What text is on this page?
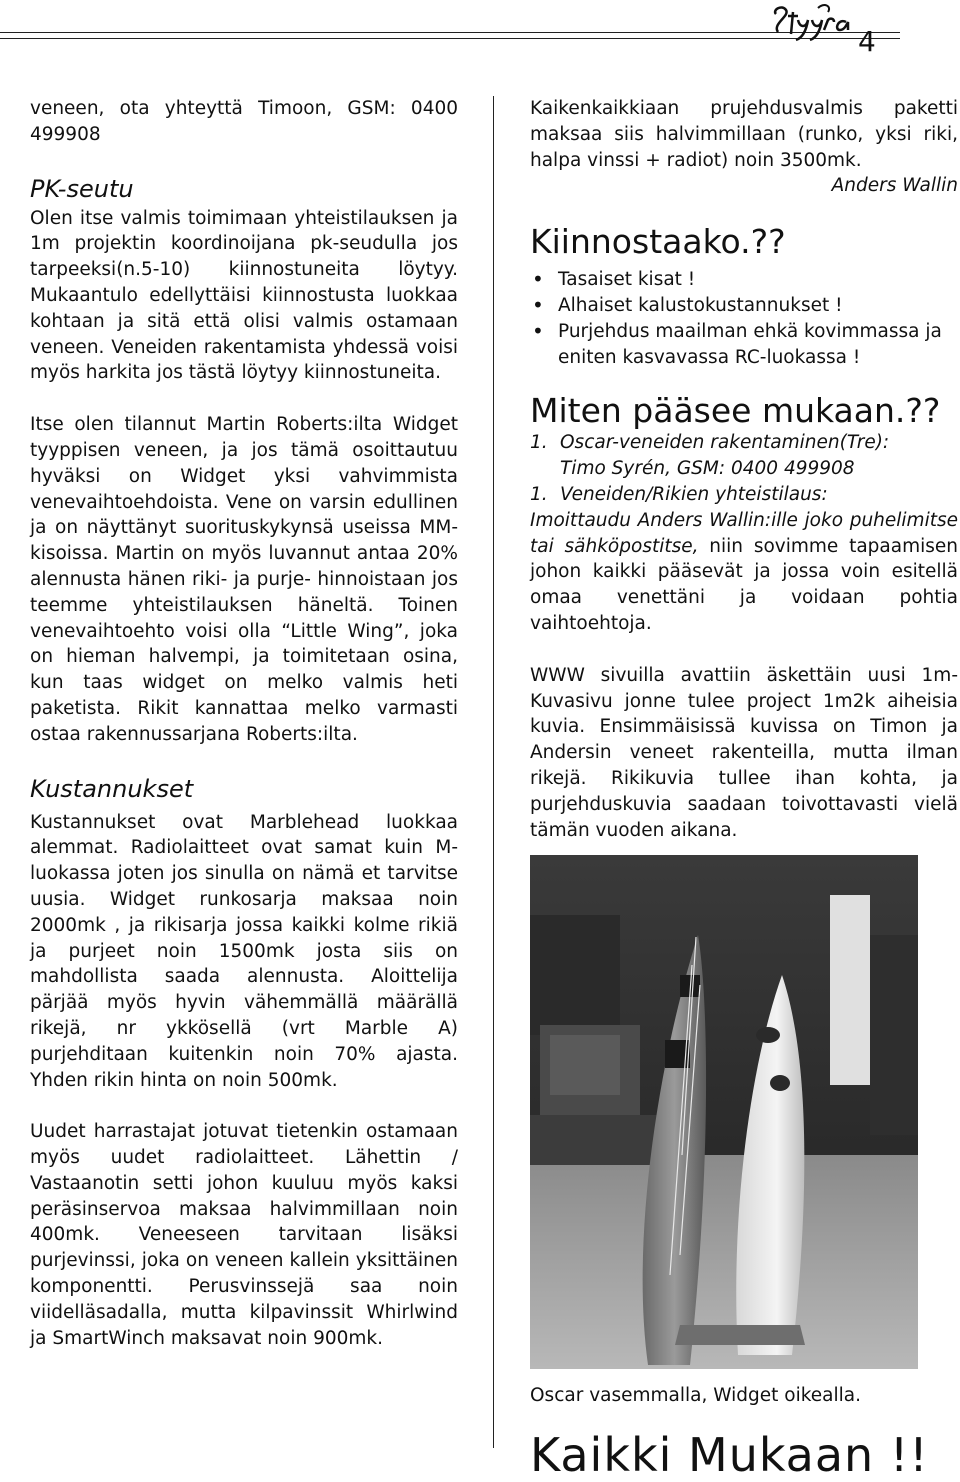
4

veneen, ota yhteyttä Timoon, GSM: 0400 499908

PK-seutu

Olen itse valmis toimimaan yhteistilauksen ja 1m projektin koordinoijana pk-seudulla jos tarpeeksi(n.5-10) kiinnostuneita löytyy. Mukaantulo edellyttäisi kiinnostusta luokkaa kohtaan ja sitä että olisi valmis ostamaan veneen. Veneiden rakentamista yhdessä voisi myös harkita jos tästä löytyy kiinnostuneita.

Itse olen tilannut Martin Roberts:ilta Widget tyyppisen veneen, ja jos tämä osoittautuu hyväksi on Widget yksi vahvimmista venevaihtoehdoista. Vene on varsin edullinen ja on näyttänyt suorituskykynsä useissa MM-kisoissa. Martin on myös luvannut antaa 20% alennusta hänen riki- ja purje- hinnoistaan jos teemme yhteistilauksen häneltä. Toinen venevaihtoehto voisi olla “Little Wing”, joka on hieman halvempi, ja toimitetaan osina, kun taas widget on melko valmis heti paketista. Rikit kannattaa melko varmasti ostaa rakennussarjana Roberts:ilta.

Kustannukset

Kustannukset ovat Marblehead luokkaa alemmat. Radiolaitteet ovat samat kuin M-luokassa joten jos sinulla on nämä et tarvitse uusia. Widget runkosarja maksaa noin 2000mk , ja rikisarja jossa kaikki kolme rikiä ja purjeet noin 1500mk josta siis on mahdollista saada alennusta. Aloittelija pärjää myös hyvin vähemmällä määrällä rikejä, nr ykkösellä (vrt Marble A) purjehditaan kuitenkin noin 70% ajasta. Yhden rikin hinta on noin 500mk.

Uudet harrastajat jotuvat tietenkin ostamaan myös uudet radiolaitteet. Lähettin / Vastaanotin setti johon kuuluu myös kaksi peräsinservoa maksaa halvimmillaan noin 400mk. Veneeseen tarvitaan lisäksi purjevinssi, joka on veneen kallein yksittäinen komponentti. Perusvinssejä saa noin viidelläsadalla, mutta kilpavinssit Whirlwind ja SmartWinch maksavat noin 900mk.

Kaikenkaikkiaan prujehdusvalmis paketti maksaa siis halvimmillaan (runko, yksi riki, halpa vinssi + radiot) noin 3500mk.

Anders Wallin
Kiinnostaako.??
• Tasaiset kisat !
• Alhaiset kalustokustannukset !
• Purjehdus maailman ehkä kovimmassa ja eniten kasvavassa RC-luokassa !
Miten pääsee mukaan.??

1. Oscar-veneiden rakentaminen(Tre):

Timo Syrén, GSM: 0400 499908

1. Veneiden/Rikien yhteistilaus:

Imoittaudu Anders Wallin:ille joko puhelimitse tai sähköpostitse, niin sovimme tapaamisen johon kaikki pääsevät ja jossa voin esitellä omaa venettäni ja voidaan pohtia vaihtoehtoja.

WWW sivuilla avattiin äskettäin uusi 1m-Kuvasivu jonne tulee project 1m2k aiheisia kuvia. Ensimmäisissä kuvissa on Timon ja Andersin veneet rakenteilla, mutta ilman rikejä. Rikikuvia tullee ihan kohta, ja purjehduskuvia saadaan toivottavasti vielä tämän vuoden aikana.

Oscar vasemmalla, Widget oikealla.
Kaikki Mukaan !!
